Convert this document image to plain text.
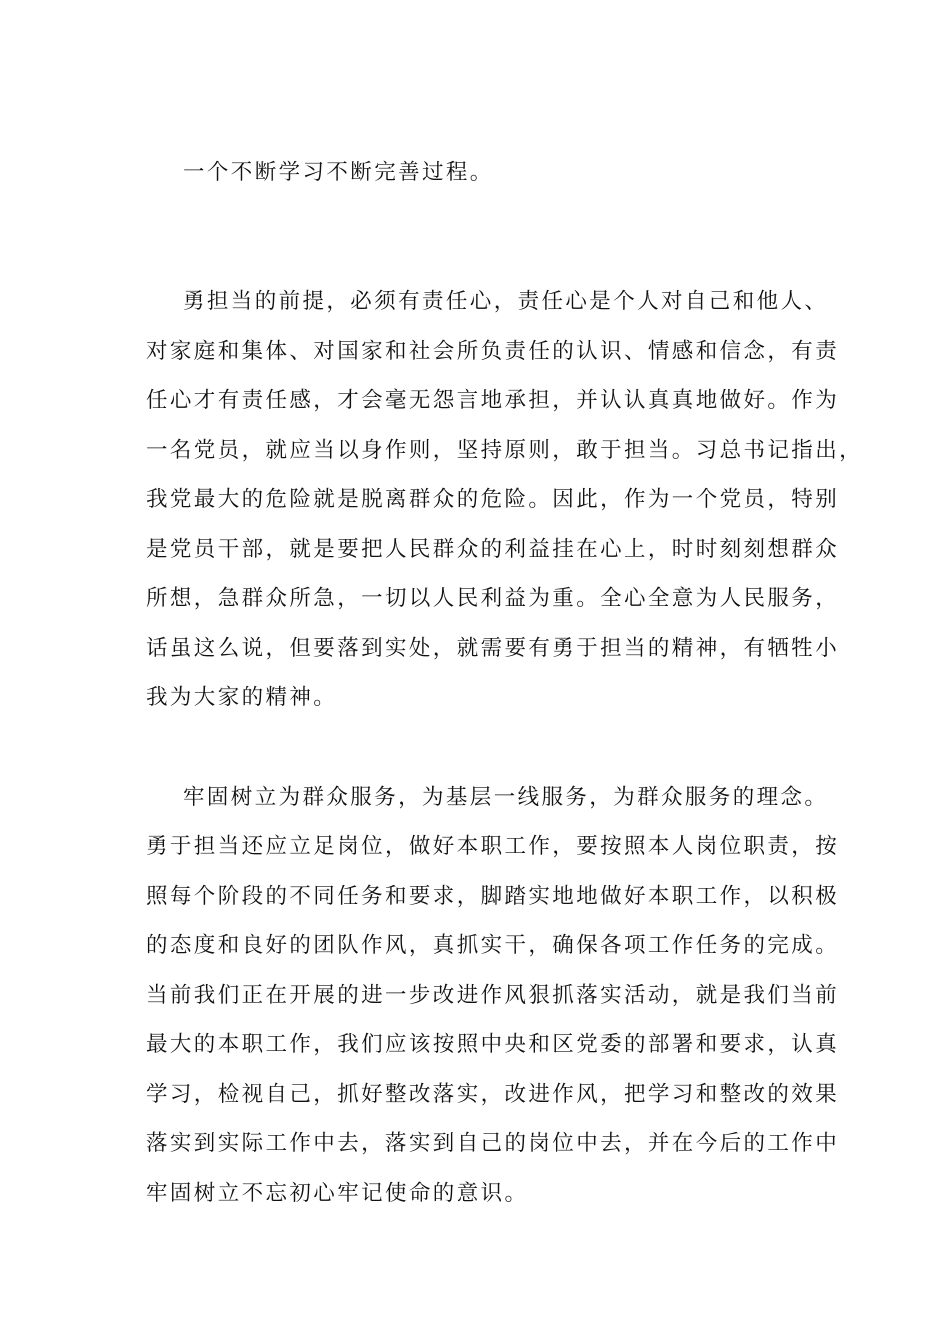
一个不断学习不断完善过程。
勇担当的前提，必须有责任心，责任心是个人对自己和他人、
对家庭和集体、对国家和社会所负责任的认识、情感和信念，有责
任心才有责任感，才会毫无怨言地承担，并认认真真地做好。作为
一名党员，就应当以身作则，坚持原则，敢于担当。习总书记指出，
我党最大的危险就是脱离群众的危险。因此，作为一个党员，特别
是党员干部，就是要把人民群众的利益挂在心上，时时刻刻想群众
所想，急群众所急，一切以人民利益为重。全心全意为人民服务，
话虽这么说，但要落到实处，就需要有勇于担当的精神，有牺牲小
我为大家的精神。
牢固树立为群众服务，为基层一线服务，为群众服务的理念。
勇于担当还应立足岗位，做好本职工作，要按照本人岗位职责，按
照每个阶段的不同任务和要求，脚踏实地地做好本职工作，以积极
的态度和良好的团队作风，真抓实干，确保各项工作任务的完成。
当前我们正在开展的进一步改进作风狠抓落实活动，就是我们当前
最大的本职工作，我们应该按照中央和区党委的部署和要求，认真
学习，检视自己，抓好整改落实，改进作风，把学习和整改的效果
落实到实际工作中去，落实到自己的岗位中去，并在今后的工作中
牢固树立不忘初心牢记使命的意识。
